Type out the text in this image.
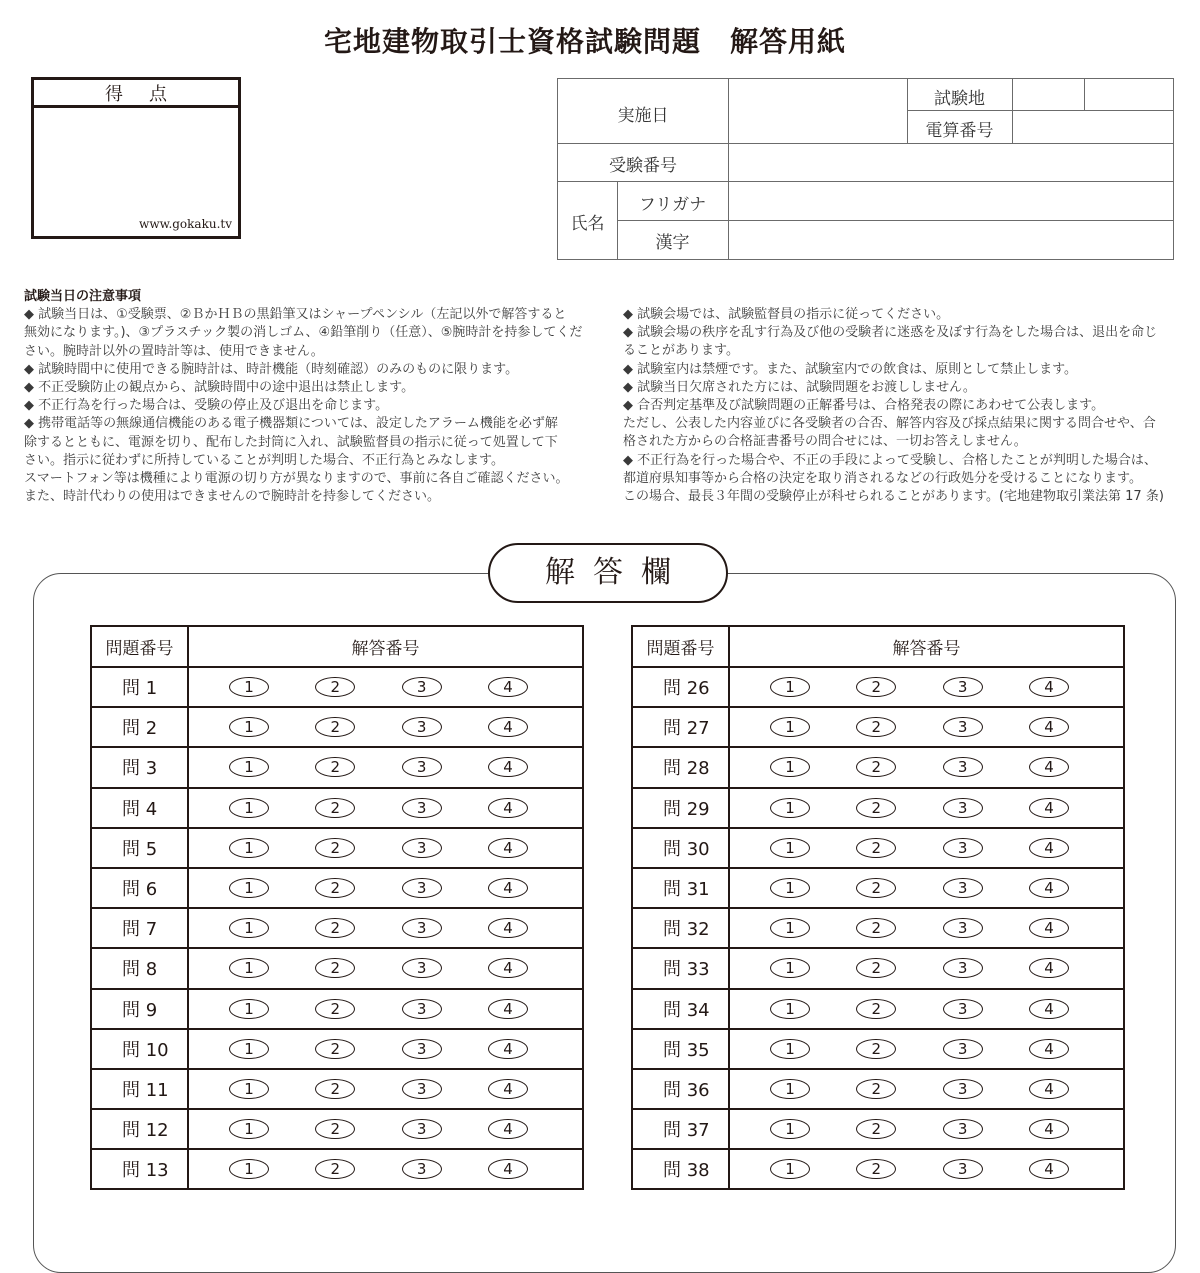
宅地建物取引士資格試験問題　解答用紙
得点
www.gokaku.tv
実施日
試験地
電算番号
受験番号
氏名
フリガナ
漢字

試験当日の注意事項

◆ 試験当日は、①受験票、②ＢかＨＢの黒鉛筆又はシャープペンシル（左記以外で解答すると

無効になります。)、③プラスチック製の消しゴム、④鉛筆削り（任意）、⑤腕時計を持参してくだ

さい。腕時計以外の置時計等は、使用できません。

◆ 試験時間中に使用できる腕時計は、時計機能（時刻確認）のみのものに限ります。

◆ 不正受験防止の観点から、試験時間中の途中退出は禁止します。

◆ 不正行為を行った場合は、受験の停止及び退出を命じます。

◆ 携帯電話等の無線通信機能のある電子機器類については、設定したアラーム機能を必ず解

除するとともに、電源を切り、配布した封筒に入れ、試験監督員の指示に従って処置して下

さい。指示に従わずに所持していることが判明した場合、不正行為とみなします。

スマートフォン等は機種により電源の切り方が異なりますので、事前に各自ご確認ください。

また、時計代わりの使用はできませんので腕時計を持参してください。

◆ 試験会場では、試験監督員の指示に従ってください。

◆ 試験会場の秩序を乱す行為及び他の受験者に迷惑を及ぼす行為をした場合は、退出を命じ

ることがあります。

◆ 試験室内は禁煙です。また、試験室内での飲食は、原則として禁止します。

◆ 試験当日欠席された方には、試験問題をお渡ししません。

◆ 合否判定基準及び試験問題の正解番号は、合格発表の際にあわせて公表します。

ただし、公表した内容並びに各受験者の合否、解答内容及び採点結果に関する問合せや、合

格された方からの合格証書番号の問合せには、一切お答えしません。

◆ 不正行為を行った場合や、不正の手段によって受験し、合格したことが判明した場合は、

都道府県知事等から合格の決定を取り消されるなどの行政処分を受けることになります。

この場合、最長３年間の受験停止が科せられることがあります。(宅地建物取引業法第 17 条)

解答欄
問題番号	解答番号
問 1	1 2 3 4

問 2	1 2 3 4

問 3	1 2 3 4

問 4	1 2 3 4

問 5	1 2 3 4

問 6	1 2 3 4

問 7	1 2 3 4

問 8	1 2 3 4

問 9	1 2 3 4

問 10	1 2 3 4

問 11	1 2 3 4

問 12	1 2 3 4

問 13	1 2 3 4
問題番号	解答番号
問 26	1 2 3 4

問 27	1 2 3 4

問 28	1 2 3 4

問 29	1 2 3 4

問 30	1 2 3 4

問 31	1 2 3 4

問 32	1 2 3 4

問 33	1 2 3 4

問 34	1 2 3 4

問 35	1 2 3 4

問 36	1 2 3 4

問 37	1 2 3 4

問 38	1 2 3 4
